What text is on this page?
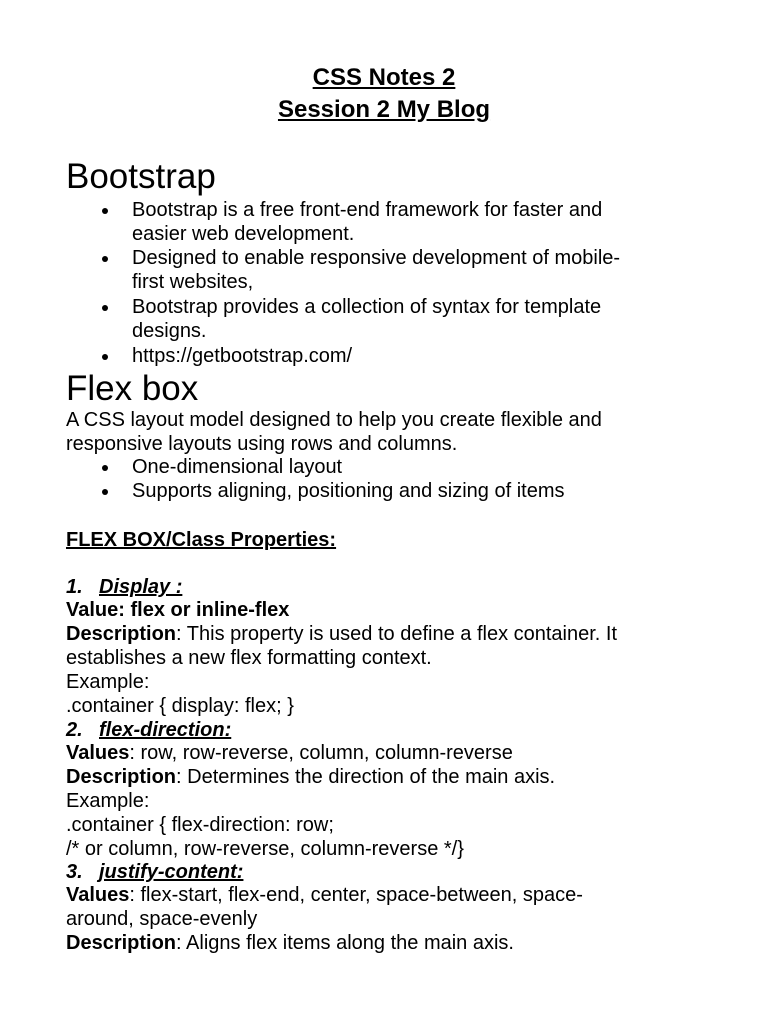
CSS Notes 2

Session 2 My Blog

Bootstrap

Bootstrap is a free front-end framework for faster and

easier web development.

Designed to enable responsive development of mobile-

first websites,

Bootstrap provides a collection of syntax for template

designs.

https://getbootstrap.com/

Flex box

A CSS layout model designed to help you create flexible and

responsive layouts using rows and columns.

One-dimensional layout

Supports aligning, positioning and sizing of items

FLEX BOX/Class Properties:

1. Display :

Value: flex or inline-flex

Description: This property is used to define a flex container. It

establishes a new flex formatting context.

Example:

.container { display: flex; }

2. flex-direction:

Values: row, row-reverse, column, column-reverse

Description: Determines the direction of the main axis.

Example:

.container { flex-direction: row;

/* or column, row-reverse, column-reverse */}

3. justify-content:

Values: flex-start, flex-end, center, space-between, space-

around, space-evenly

Description: Aligns flex items along the main axis.
